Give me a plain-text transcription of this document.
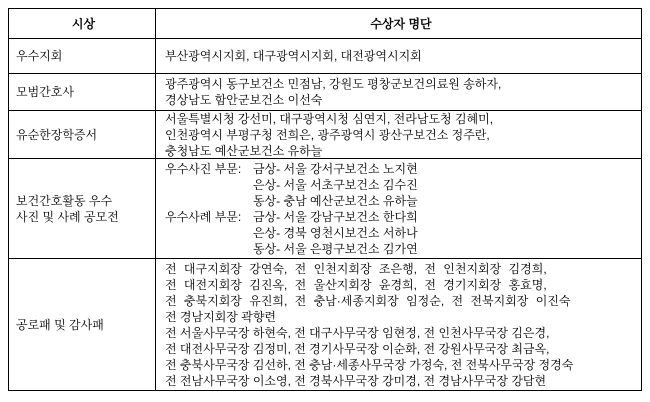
시상	수상자 명단
우수지회	부산광역시지회, 대구광역시지회, 대전광역시지회
모범간호사
광주광역시 동구보건소 민점남, 강원도 평창군보건의료원 송하자,
경상남도 함안군보건소 이선숙
유순한장학증서
서울특별시청 강선미, 대구광역시청 심연지, 전라남도청 김혜미,
인천광역시 부평구청 전희은, 광주광역시 광산구보건소 정주란,
충청남도 예산군보건소 유하늘
보건간호활동 우수
사진 및 사례 공모전
우수사진 부문: 금상- 서울 강서구보건소 노지현
은상- 서울 서초구보건소 김수진
동상- 충남 예산군보건소 유하늘
우수사례 부문: 금상- 서울 강남구보건소 한다희
은상- 경북 영천시보건소 서하나
동상- 서울 은평구보건소 김가연
공로패 및 감사패
전 대구지회장 강연숙, 전 인천지회장 조은행, 전 인천지회장 김경희,
전 대전지회장 김진옥, 전 울산지회장 윤경희, 전 경기지회장 홍효명,
전 충북지회장 유진희, 전 충남·세종지회장 임정순, 전 전북지회장 이진숙
전 경남지회장 곽향련
전 서울사무국장 하현숙, 전 대구사무국장 임현정, 전 인천사무국장 김은경,
전 대전사무국장 김정미, 전 경기사무국장 이순화, 전 강원사무국장 최금옥,
전 충북사무국장 김선하, 전 충남·세종사무국장 가정숙, 전 전북사무국장 정경숙
전 전남사무국장 이소영, 전 경북사무국장 강미경, 전 경남사무국장 강담현
